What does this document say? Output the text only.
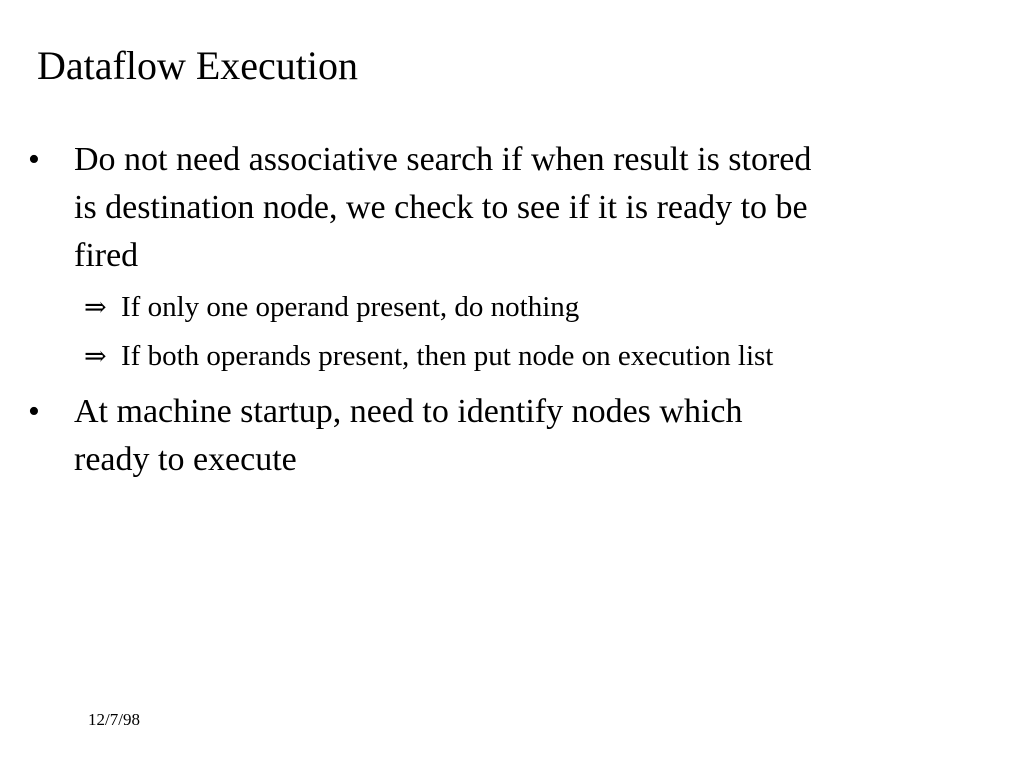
Dataflow Execution
•	Do not need associative search if when result is stored
is destination node, we check to see if it is ready to be
fired
⇒ If only one operand present, do nothing
⇒ If both operands present, then put node on execution list
•	At machine startup, need to identify nodes which
ready to execute
12/7/98
